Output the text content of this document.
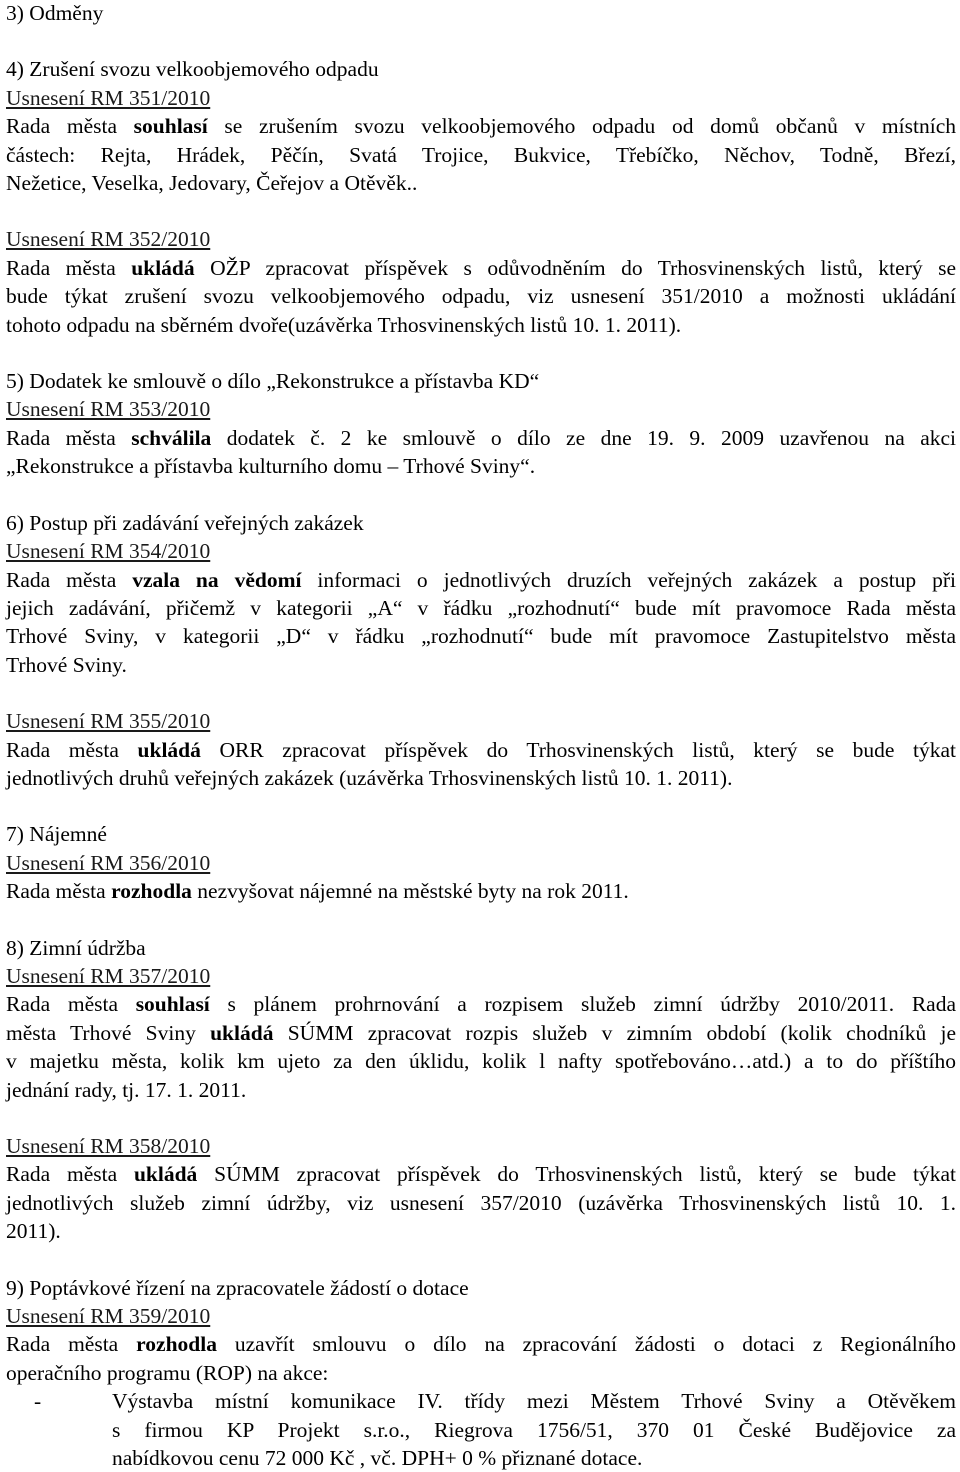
3) Odměny

4) Zrušení svozu velkoobjemového odpadu

Usnesení RM 351/2010

Rada města souhlasí se zrušením svozu velkoobjemového odpadu od domů občanů v místních

částech: Rejta, Hrádek, Pěčín, Svatá Trojice, Bukvice, Třebíčko, Něchov, Todně, Březí,

Nežetice, Veselka, Jedovary, Čeřejov a Otěvěk..

Usnesení RM 352/2010

Rada města ukládá OŽP zpracovat příspěvek s odůvodněním do Trhosvinenských listů, který se

bude týkat zrušení svozu velkoobjemového odpadu, viz usnesení 351/2010 a možnosti ukládání

tohoto odpadu na sběrném dvoře(uzávěrka Trhosvinenských listů 10. 1. 2011).

5) Dodatek ke smlouvě o dílo „Rekonstrukce a přístavba KD“

Usnesení RM 353/2010

Rada města schválila dodatek č. 2 ke smlouvě o dílo ze dne 19. 9. 2009 uzavřenou na akci

„Rekonstrukce a přístavba kulturního domu – Trhové Sviny“.

6) Postup při zadávání veřejných zakázek

Usnesení RM 354/2010

Rada města vzala na vědomí informaci o jednotlivých druzích veřejných zakázek a postup při

jejich zadávání, přičemž v kategorii „A“ v řádku „rozhodnutí“ bude mít pravomoce Rada města

Trhové Sviny, v kategorii „D“ v řádku „rozhodnutí“ bude mít pravomoce Zastupitelstvo města

Trhové Sviny.

Usnesení RM 355/2010

Rada města ukládá ORR zpracovat příspěvek do Trhosvinenských listů, který se bude týkat

jednotlivých druhů veřejných zakázek (uzávěrka Trhosvinenských listů 10. 1. 2011).

7) Nájemné

Usnesení RM 356/2010

Rada města rozhodla nezvyšovat nájemné na městské byty na rok 2011.

8) Zimní údržba

Usnesení RM 357/2010

Rada města souhlasí s plánem prohrnování a rozpisem služeb zimní údržby 2010/2011. Rada

města Trhové Sviny ukládá SÚMM zpracovat rozpis služeb v zimním období (kolik chodníků je

v majetku města, kolik km ujeto za den úklidu, kolik l nafty spotřebováno…atd.) a to do příštího

jednání rady, tj. 17. 1. 2011.

Usnesení RM 358/2010

Rada města ukládá SÚMM zpracovat příspěvek do Trhosvinenských listů, který se bude týkat

jednotlivých služeb zimní údržby, viz usnesení 357/2010 (uzávěrka Trhosvinenských listů 10. 1.

2011).

9) Poptávkové řízení na zpracovatele žádostí o dotace

Usnesení RM 359/2010

Rada města rozhodla uzavřít smlouvu o dílo na zpracování žádosti o dotaci z Regionálního

operačního programu (ROP) na akce:

-	Výstavba místní komunikace IV. třídy mezi Městem Trhové Sviny a Otěvěkem

s firmou KP Projekt s.r.o., Riegrova 1756/51, 370 01 České Budějovice za

nabídkovou cenu 72 000 Kč , vč. DPH+ 0 % přiznané dotace.
